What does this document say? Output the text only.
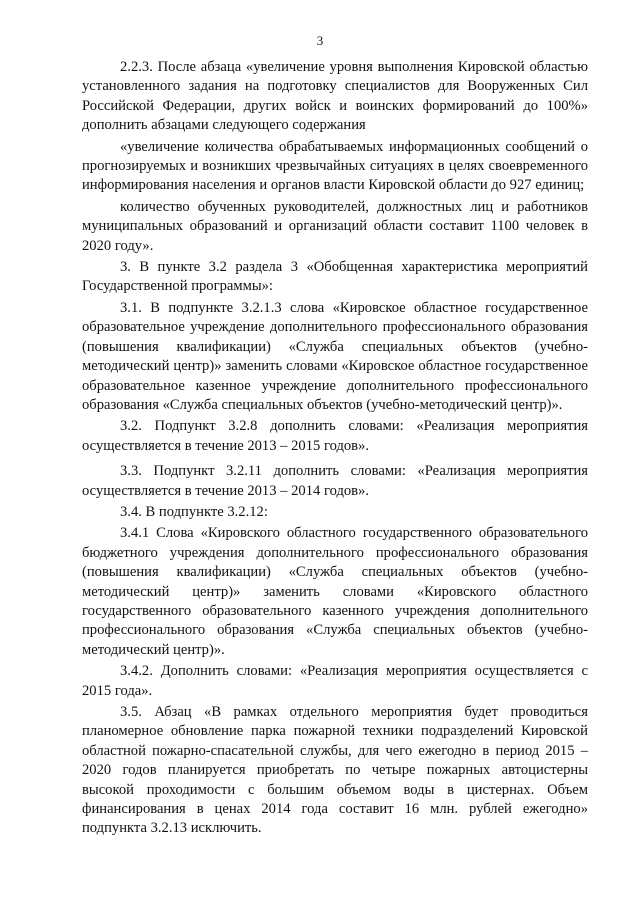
3

2.2.3. После абзаца «увеличение уровня выполнения Кировской областью установленного задания на подготовку специалистов для Вооруженных Сил Российской Федерации, других войск и воинских формирований до 100%» дополнить абзацами следующего содержания

«увеличение количества обрабатываемых информационных сообщений о прогнозируемых и возникших чрезвычайных ситуациях в целях своевременного информирования населения и органов власти Кировской области до 927 единиц;

количество обученных руководителей, должностных лиц и работников муниципальных образований и организаций области составит 1100 человек в 2020 году».

3. В пункте 3.2 раздела 3 «Обобщенная характеристика мероприятий Государственной программы»:

3.1. В подпункте 3.2.1.3 слова «Кировское областное государственное образовательное учреждение дополнительного профессионального образования (повышения квалификации) «Служба специальных объектов (учебно-методический центр)» заменить словами «Кировское областное государственное образовательное казенное учреждение дополнительного профессионального образования «Служба специальных объектов (учебно-методический центр)».

3.2. Подпункт 3.2.8 дополнить словами: «Реализация мероприятия осуществляется в течение 2013 – 2015 годов».

3.3. Подпункт 3.2.11 дополнить словами: «Реализация мероприятия осуществляется в течение 2013 – 2014 годов».

3.4. В подпункте 3.2.12:

3.4.1 Слова «Кировского областного государственного образовательного бюджетного учреждения дополнительного профессионального образования (повышения квалификации) «Служба специальных объектов (учебно-методический центр)» заменить словами «Кировского областного государственного образовательного казенного учреждения дополнительного профессионального образования «Служба специальных объектов (учебно-методический центр)».

3.4.2. Дополнить словами: «Реализация мероприятия осуществляется с 2015 года».

3.5. Абзац «В рамках отдельного мероприятия будет проводиться планомерное обновление парка пожарной техники подразделений Кировской областной пожарно-спасательной службы, для чего ежегодно в период 2015 – 2020 годов планируется приобретать по четыре пожарных автоцистерны высокой проходимости с большим объемом воды в цистернах. Объем финансирования в ценах 2014 года составит 16 млн. рублей ежегодно» подпункта 3.2.13 исключить.
